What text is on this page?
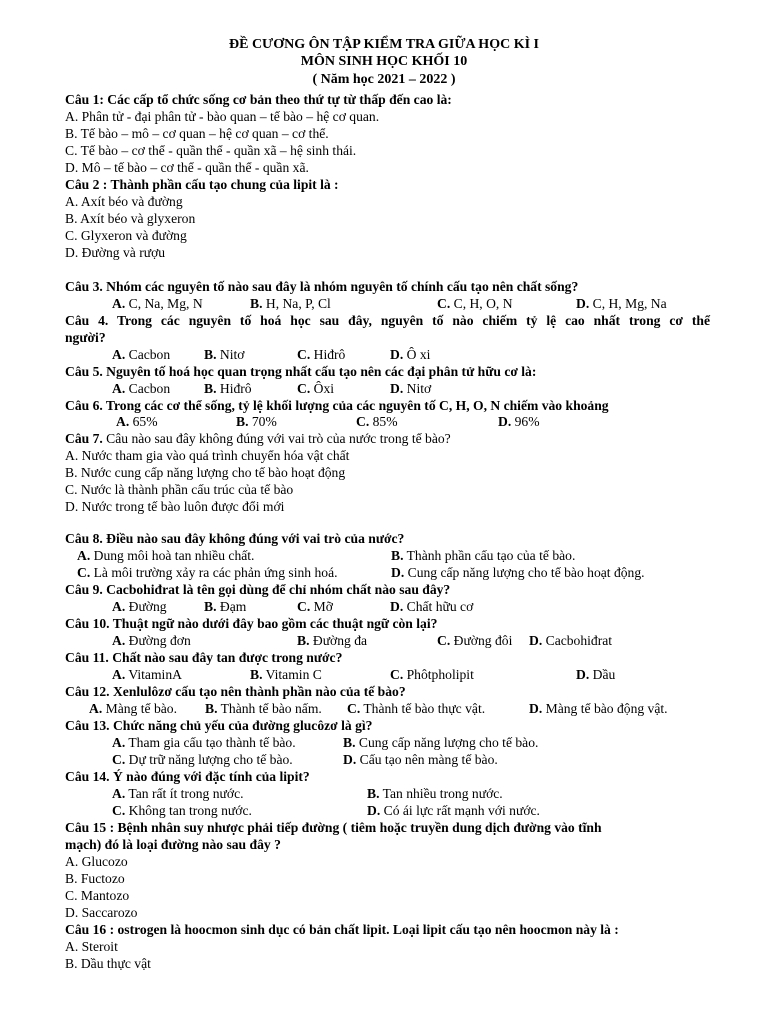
ĐỀ CƯƠNG ÔN TẬP KIỂM TRA GIỮA HỌC KÌ I
MÔN SINH HỌC KHỐI 10
( Năm học 2021 – 2022 )
Câu 1: Các cấp tổ chức sống cơ bản theo thứ tự từ thấp đến cao là:
A. Phân tử - đại phân tử - bào quan – tế bào – hệ cơ quan.
B. Tế bào – mô – cơ quan – hệ cơ quan – cơ thể.
C. Tế bào – cơ thể - quần thể - quần xã – hệ sinh thái.
D. Mô – tế bào – cơ thể - quần thể - quần xã.
Câu 2 : Thành phần cấu tạo chung của lipit là :
A. Axít béo và đường
B. Axít béo và glyxeron
C. Glyxeron và đường
D. Đường và rượu
Câu 3. Nhóm các nguyên tố nào sau đây là nhóm nguyên tố chính cấu tạo nên chất sống?
A. C, Na, Mg, N	B. H, Na, P, Cl	C. C, H, O, N	D. C, H, Mg, Na
Câu 4. Trong các nguyên tố hoá học sau đây, nguyên tố nào chiếm tỷ lệ cao nhất trong cơ thể
người?
A. Cacbon B. Nitơ	C. Hiđrô	D. Ô xi
Câu 5. Nguyên tố hoá học quan trọng nhất cấu tạo nên các đại phân tử hữu cơ là:
A. Cacbon B. Hiđrô	C. Ôxi	D. Nitơ
Câu 6. Trong các cơ thể sống, tỷ lệ khối lượng của các nguyên tố C, H, O, N chiếm vào khoảng
A. 65%	B. 70%	C. 85%	D. 96%
Câu 7. Câu nào sau đây không đúng với vai trò của nước trong tế bào?
A. Nước tham gia vào quá trình chuyển hóa vật chất
B. Nước cung cấp năng lượng cho tế bào hoạt động
C. Nước là thành phần cấu trúc của tế bào
D. Nước trong tế bào luôn được đổi mới
Câu 8. Điều nào sau đây không đúng với vai trò của nước?
A. Dung môi hoà tan nhiều chất.	B. Thành phần cấu tạo của tế bào.
C. Là môi trường xảy ra các phản ứng sinh hoá.	D. Cung cấp năng lượng cho tế bào hoạt động.
Câu 9. Cacbohiđrat là tên gọi dùng để chỉ nhóm chất nào sau đây?
A. Đường	B. Đạm	C. Mỡ	D. Chất hữu cơ
Câu 10. Thuật ngữ nào dưới đây bao gồm các thuật ngữ còn lại?
A. Đường đơn	B. Đường đa	C. Đường đôi D. Cacbohiđrat
Câu 11. Chất nào sau đây tan được trong nước?
A. VitaminA	B. Vitamin C	C. Phôtpholipit	D. Dầu
Câu 12. Xenlulôzơ cấu tạo nên thành phần nào của tế bào?
A. Màng tế bào. B. Thành tế bào nấm. C. Thành tế bào thực vật.	D. Màng tế bào động vật.
Câu 13. Chức năng chủ yếu của đường glucôzơ là gì?
A. Tham gia cấu tạo thành tế bào.	B. Cung cấp năng lượng cho tế bào.
C. Dự trữ năng lượng cho tế bào.	D. Cấu tạo nên màng tế bào.
Câu 14. Ý nào đúng với đặc tính của lipit?
A. Tan rất ít trong nước.	B. Tan nhiều trong nước.
C. Không tan trong nước.	D. Có ái lực rất mạnh với nước.
Câu 15 : Bệnh nhân suy nhược phải tiếp đường ( tiêm hoặc truyền dung dịch đường vào tĩnh
mạch) đó là loại đường nào sau đây ?
A. Glucozo
B. Fuctozo
C. Mantozo
D. Saccarozo
Câu 16 : ostrogen là hoocmon sinh dục có bản chất lipit. Loại lipit cấu tạo nên hoocmon này là :
A. Steroit
B. Dầu thực vật
